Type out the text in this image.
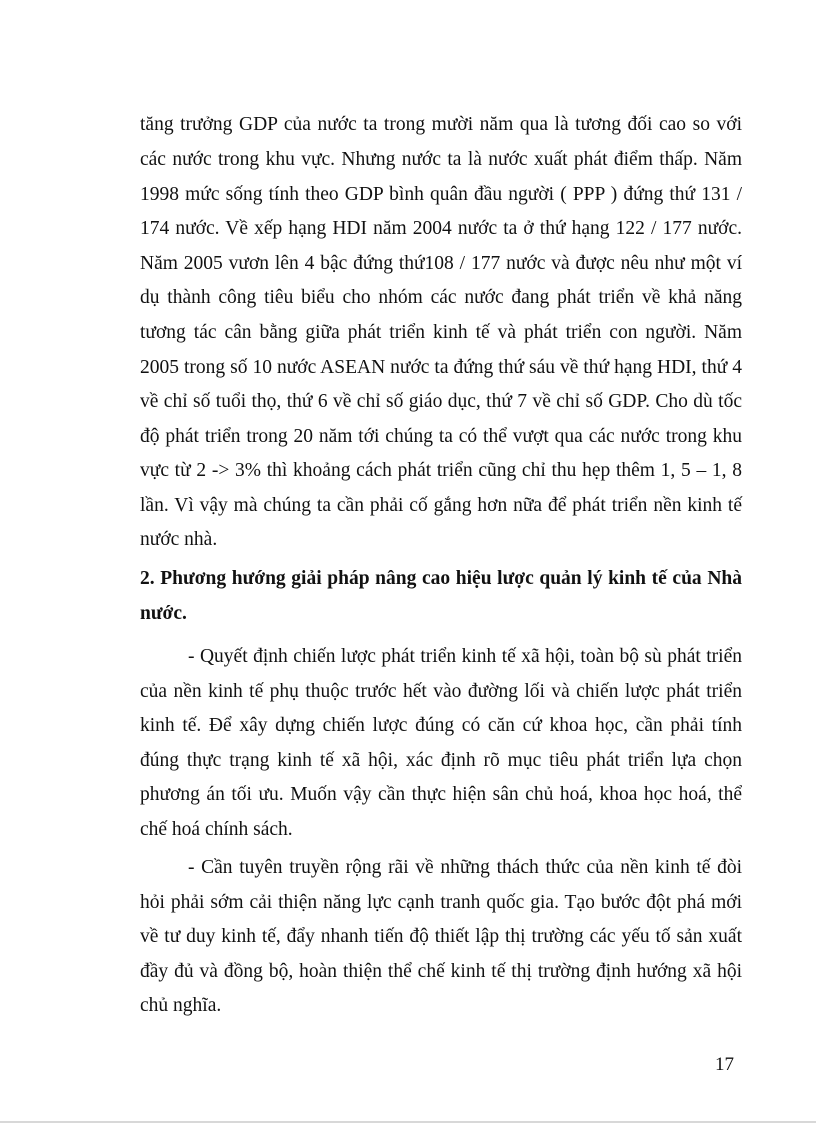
tăng trưởng GDP của nước ta trong mười năm qua là tương đối cao so với
các nước trong khu vực. Nhưng nước ta là nước xuất phát điểm thấp. Năm
1998 mức sống tính theo GDP bình quân đầu người ( PPP ) đứng thứ 131 /
174 nước. Về xếp hạng HDI năm 2004 nước ta ở thứ hạng 122 / 177 nước.
Năm 2005 vươn lên 4 bậc đứng thứ108 / 177 nước và được nêu như một ví
dụ thành công tiêu biểu cho nhóm các nước đang phát triển về khả năng
tương tác cân bằng giữa phát triển kinh tế và phát triển con người. Năm
2005 trong số 10 nước ASEAN nước ta đứng thứ sáu về thứ hạng HDI, thứ 4
về chỉ số tuổi thọ, thứ 6 về chỉ số giáo dục, thứ 7 về chỉ số GDP. Cho dù tốc
độ phát triển trong 20 năm tới chúng ta có thể vượt qua các nước trong khu
vực từ 2 -> 3% thì khoảng cách phát triển cũng chỉ thu hẹp thêm 1, 5 – 1, 8
lần. Vì vậy mà chúng ta cần phải cố gắng hơn nữa để phát triển nền kinh tế
nước nhà.
2. Phương hướng giải pháp nâng cao hiệu lược quản lý kinh tế của Nhà
nước.
- Quyết định chiến lược phát triển kinh tế xã hội, toàn bộ sù phát triển
của nền kinh tế phụ thuộc trước hết vào đường lối và chiến lược phát triển
kinh tế. Để xây dựng chiến lược đúng có căn cứ khoa học, cần phải tính
đúng thực trạng kinh tế xã hội, xác định rõ mục tiêu phát triển lựa chọn
phương án tối ưu. Muốn vậy cần thực hiện sân chủ hoá, khoa học hoá, thể
chế hoá chính sách.
- Cần tuyên truyền rộng rãi về những thách thức của nền kinh tế đòi
hỏi phải sớm cải thiện năng lực cạnh tranh quốc gia. Tạo bước đột phá mới
về tư duy kinh tế, đẩy nhanh tiến độ thiết lập thị trường các yếu tố sản xuất
đầy đủ và đồng bộ, hoàn thiện thể chế kinh tế thị trường định hướng xã hội
chủ nghĩa.
17
